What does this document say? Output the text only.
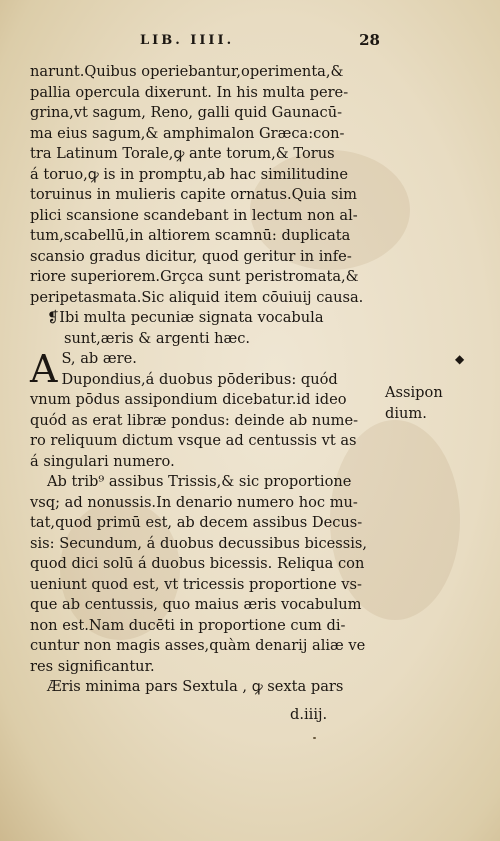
LIB. IIII.	28
narunt.Quibus operiebantur,operimenta,&
pallia opercula dixerunt. In his multa pere-
grina,vt sagum, Reno, galli quid Gaunacū-
ma eius sagum,& amphimalon Græca:con-
tra Latinum Torale,ꝙ ante torum,& Torus
á toruo,ꝙ is in promptu,ab hac similitudine
toruinus in mulieris capite ornatus.Quia sim
plici scansione scandebant in lectum non al-
tum,scabellū,in altiorem scamnū: duplicata
scansio gradus dicitur, quod geritur in infe-
riore superiorem.Grçca sunt peristromata,&
peripetasmata.Sic aliquid item cōuiuij causa.
❡Ibi multa pecuniæ signata vocabula
sunt,æris & argenti hæc.
A S, ab ære.
Dupondius,á duobus pōderibus: quód
vnum pōdus assipondium dicebatur.id ideo
quód as erat libræ pondus: deinde ab nume-
ro reliquum dictum vsque ad centussis vt as
á singulari numero.
Ab trib⁹ assibus Trissis,& sic proportione
vsq; ad nonussis.In denario numero hoc mu-
tat,quod primū est, ab decem assibus Decus-
sis: Secundum, á duobus decussibus bicessis,
quod dici solū á duobus bicessis. Reliqua con
ueniunt quod est, vt tricessis proportione vs-
que ab centussis, quo maius æris vocabulum
non est.Nam ducēti in proportione cum di-
cuntur non magis asses,quàm denarij aliæ ve
res significantur.
Æris minima pars Sextula , ꝙ sexta pars
◆
Assipon
dium.
d.iiij.
